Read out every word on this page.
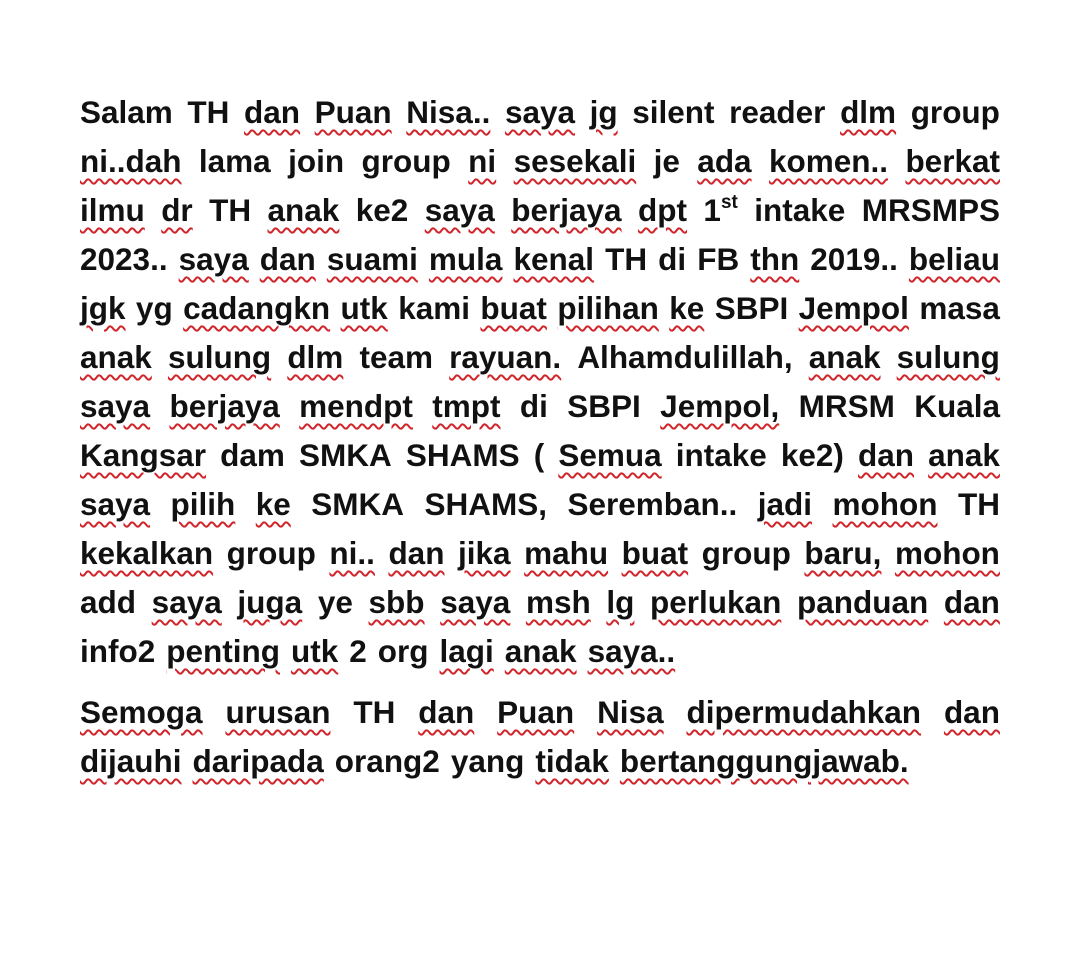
Salam TH dan Puan Nisa.. saya jg silent reader dlm group
ni..dah lama join group ni sesekali je ada komen.. berkat
ilmu dr TH anak ke2 saya berjaya dpt 1st intake MRSMPS
2023.. saya dan suami mula kenal TH di FB thn 2019.. beliau
jgk yg cadangkn utk kami buat pilihan ke SBPI Jempol masa
anak sulung dlm team rayuan. Alhamdulillah, anak sulung
saya berjaya mendpt tmpt di SBPI Jempol, MRSM Kuala
Kangsar dam SMKA SHAMS ( Semua intake ke2) dan anak
saya pilih ke SMKA SHAMS, Seremban.. jadi mohon TH
kekalkan group ni.. dan jika mahu buat group baru, mohon
add saya juga ye sbb saya msh lg perlukan panduan dan
info2 penting utk 2 org lagi anak saya..
Semoga urusan TH dan Puan Nisa dipermudahkan dan
dijauhi daripada orang2 yang tidak bertanggungjawab.
